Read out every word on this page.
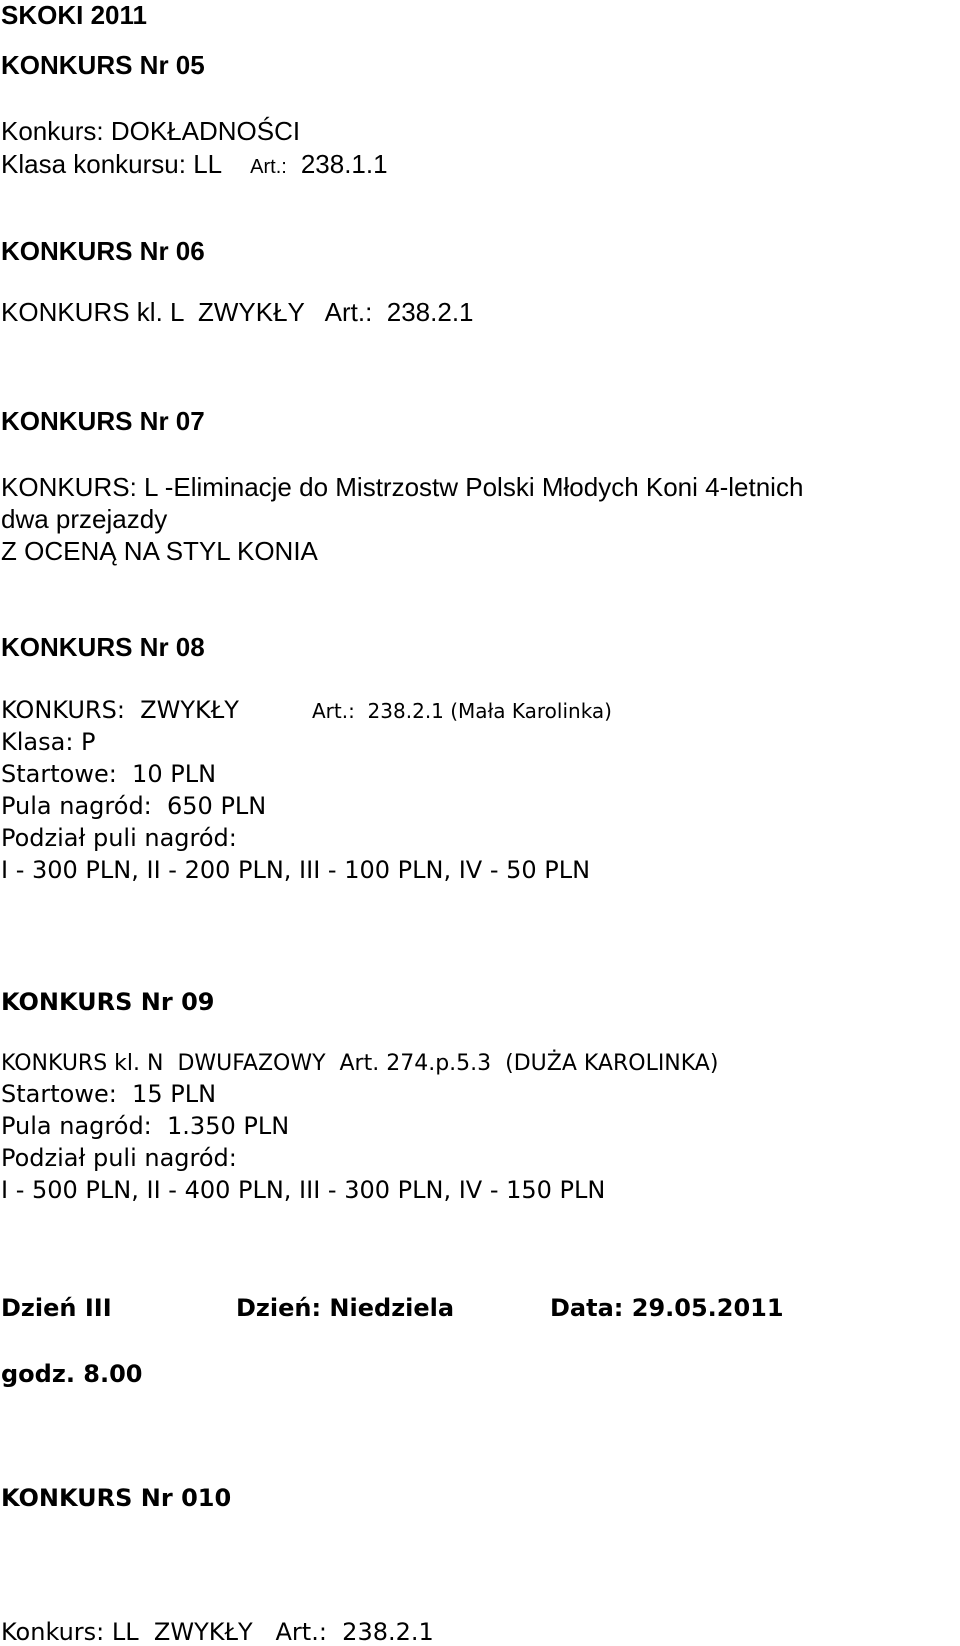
SKOKI 2011
KONKURS Nr 05
Konkurs: DOKŁADNOŚCI
Klasa konkursu: LL Art.: 238.1.1
KONKURS Nr 06
KONKURS kl. L  ZWYKŁY   Art.:  238.2.1
KONKURS Nr 07
KONKURS: L -Eliminacje do Mistrzostw Polski Młodych Koni 4-letnich
dwa przejazdy
Z OCENĄ NA STYL KONIA
KONKURS Nr 08
KONKURS:  ZWYKŁY	Art.:  238.2.1 (Mała Karolinka)
Klasa: P
Startowe:  10 PLN
Pula nagród:  650 PLN
Podział puli nagród:
I - 300 PLN, II - 200 PLN, III - 100 PLN, IV - 50 PLN
KONKURS Nr 09
KONKURS kl. N  DWUFAZOWY  Art. 274.p.5.3  (DUŻA KAROLINKA)
Startowe:  15 PLN
Pula nagród:  1.350 PLN
Podział puli nagród:
I - 500 PLN, II - 400 PLN, III - 300 PLN, IV - 150 PLN
Dzień III	Dzień: Niedziela	Data: 29.05.2011
godz. 8.00
KONKURS Nr 010
Konkurs: LL  ZWYKŁY   Art.:  238.2.1
